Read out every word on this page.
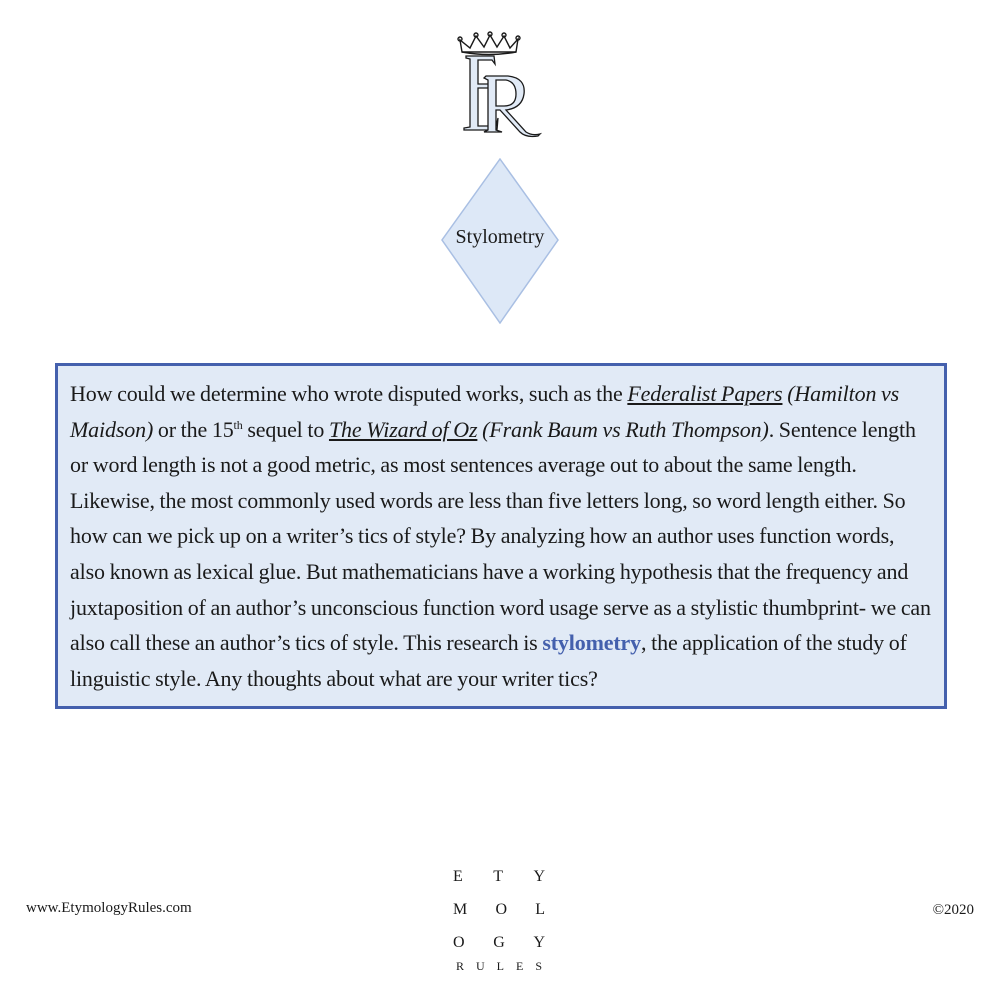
Stylometry
How could we determine who wrote disputed works, such as the Federalist Papers (Hamilton vs Maidson) or the 15th sequel to The Wizard of Oz (Frank Baum vs Ruth Thompson). Sentence length or word length is not a good metric, as most sentences average out to about the same length. Likewise, the most commonly used words are less than five letters long, so word length either. So how can we pick up on a writer’s tics of style? By analyzing how an author uses function words, also known as lexical glue. But mathematicians have a working hypothesis that the frequency and juxtaposition of an author’s unconscious function word usage serve as a stylistic thumbprint- we can also call these an author’s tics of style. This research is stylometry, the application of the study of linguistic style. Any thoughts about what are your writer tics?
www.EtymologyRules.com
E T Y
M O L
O G Y
R U L E S
©2020
